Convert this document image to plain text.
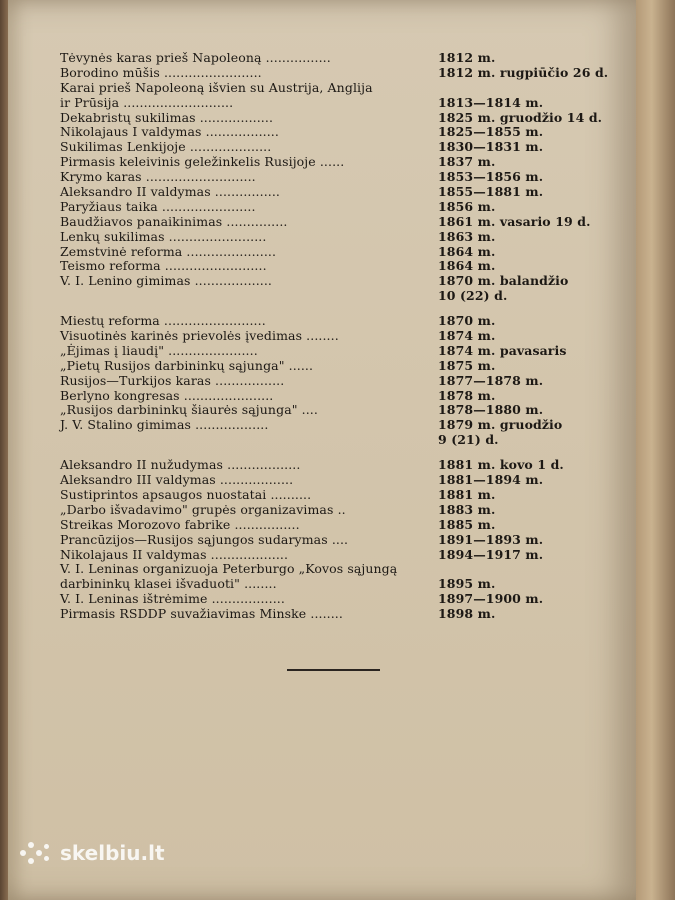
Tėvynės karas prieš Napoleoną ................	1812 m.
Borodino mūšis ........................	1812 m. rugpiūčio 26 d.
Karai prieš Napoleoną išvien su Austrija, Anglija
ir Prūsija ...........................	1813—1814 m.
Dekabristų sukilimas ..................	1825 m. gruodžio 14 d.
Nikolajaus I valdymas ..................	1825—1855 m.
Sukilimas Lenkijoje ....................	1830—1831 m.
Pirmasis keleivinis geležinkelis Rusijoje ......	1837 m.
Krymo karas ...........................	1853—1856 m.
Aleksandro II valdymas ................	1855—1881 m.
Paryžiaus taika .......................	1856 m.
Baudžiavos panaikinimas ...............	1861 m. vasario 19 d.
Lenkų sukilimas ........................	1863 m.
Zemstvinė reforma ......................	1864 m.
Teismo reforma .........................	1864 m.
V. I. Lenino gimimas ...................	1870 m. balandžio
10 (22) d.
Miestų reforma .........................	1870 m.
Visuotinės karinės prievolės įvedimas ........	1874 m.
„Ėjimas į liaudį" ......................	1874 m. pavasaris
„Pietų Rusijos darbininkų sąjunga" ......	1875 m.
Rusijos—Turkijos karas .................	1877—1878 m.
Berlyno kongresas ......................	1878 m.
„Rusijos darbininkų šiaurės sąjunga" ....	1878—1880 m.
J. V. Stalino gimimas ..................	1879 m. gruodžio
9 (21) d.
Aleksandro II nužudymas ..................	1881 m. kovo 1 d.
Aleksandro III valdymas ..................	1881—1894 m.
Sustiprintos apsaugos nuostatai ..........	1881 m.
„Darbo išvadavimo" grupės organizavimas ..	1883 m.
Streikas Morozovo fabrike ................	1885 m.
Prancūzijos—Rusijos sąjungos sudarymas ....	1891—1893 m.
Nikolajaus II valdymas ...................	1894—1917 m.
V. I. Leninas organizuoja Peterburgo „Kovos sąjungą
darbininkų klasei išvaduoti" ........	1895 m.
V. I. Leninas ištrėmime ..................	1897—1900 m.
Pirmasis RSDDP suvažiavimas Minske ........	1898 m.
skelbiu.lt
